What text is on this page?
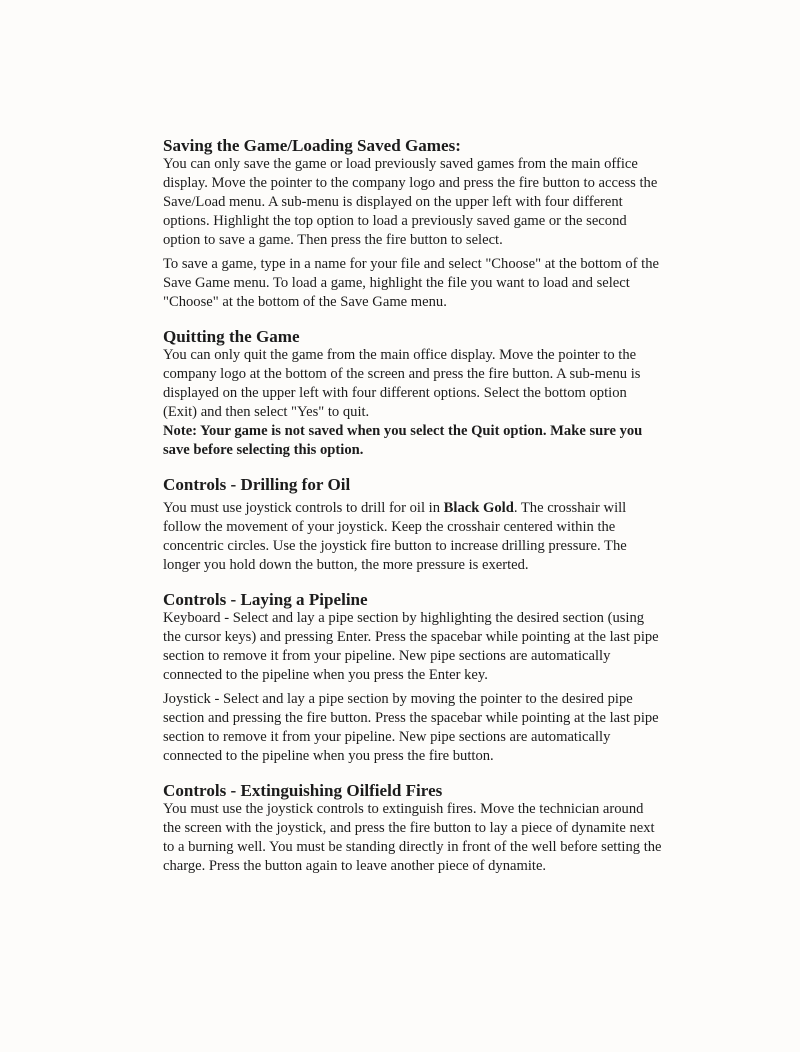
Saving the Game/Loading Saved Games:

You can only save the game or load previously saved games from the main office display. Move the pointer to the company logo and press the fire button to access the Save/Load menu. A sub-menu is displayed on the upper left with four different options. Highlight the top option to load a previously saved game or the second option to save a game. Then press the fire button to select.

To save a game, type in a name for your file and select "Choose" at the bottom of the Save Game menu. To load a game, highlight the file you want to load and select "Choose" at the bottom of the Save Game menu.

Quitting the Game

You can only quit the game from the main office display. Move the pointer to the company logo at the bottom of the screen and press the fire button. A sub-menu is displayed on the upper left with four different options. Select the bottom option (Exit) and then select "Yes" to quit.

Note: Your game is not saved when you select the Quit option. Make sure you save before selecting this option.

Controls - Drilling for Oil

You must use joystick controls to drill for oil in Black Gold. The crosshair will follow the movement of your joystick. Keep the crosshair centered within the concentric circles. Use the joystick fire button to increase drilling pressure. The longer you hold down the button, the more pressure is exerted.

Controls - Laying a Pipeline

Keyboard - Select and lay a pipe section by highlighting the desired section (using the cursor keys) and pressing Enter. Press the spacebar while pointing at the last pipe section to remove it from your pipeline. New pipe sections are automatically connected to the pipeline when you press the Enter key.

Joystick - Select and lay a pipe section by moving the pointer to the desired pipe section and pressing the fire button. Press the spacebar while pointing at the last pipe section to remove it from your pipeline. New pipe sections are automatically connected to the pipeline when you press the fire button.

Controls - Extinguishing Oilfield Fires

You must use the joystick controls to extinguish fires. Move the technician around the screen with the joystick, and press the fire button to lay a piece of dynamite next to a burning well. You must be standing directly in front of the well before setting the charge. Press the button again to leave another piece of dynamite.
